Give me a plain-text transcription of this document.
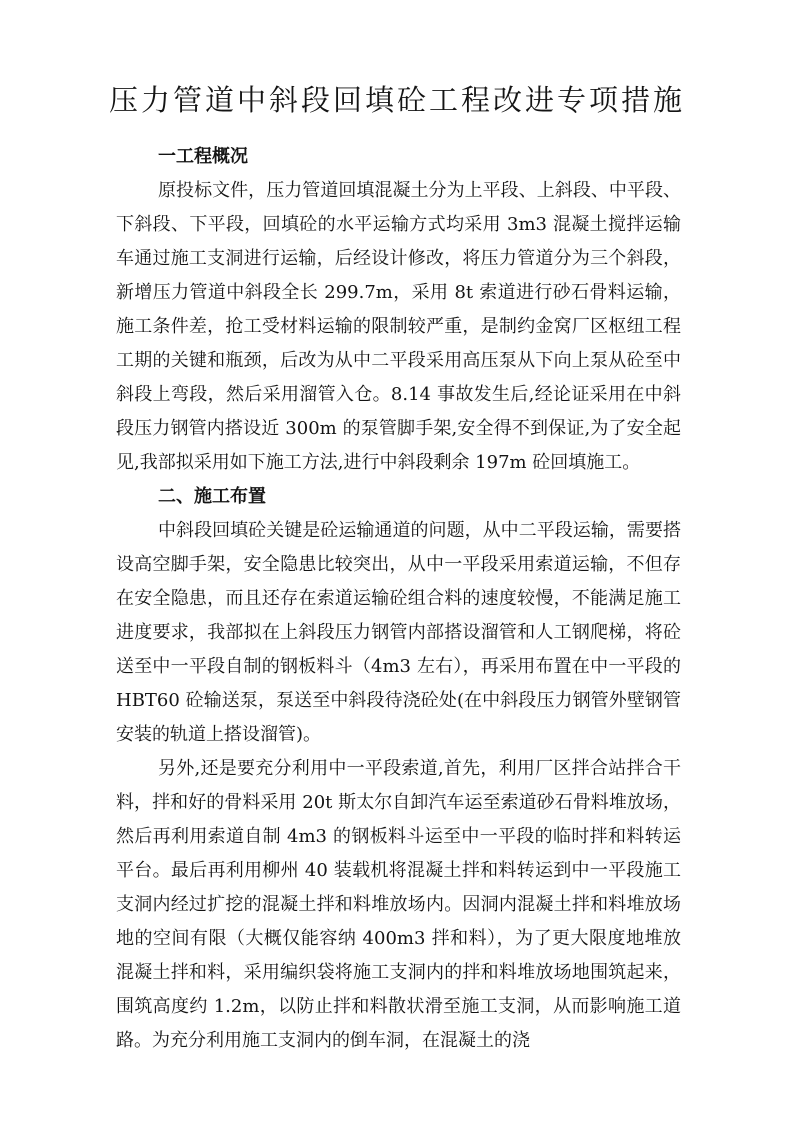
压力管道中斜段回填砼工程改进专项措施

一工程概况

原投标文件，压力管道回填混凝土分为上平段、上斜段、中平段、下斜段、下平段，回填砼的水平运输方式均采用 3m3 混凝土搅拌运输车通过施工支洞进行运输，后经设计修改，将压力管道分为三个斜段，新增压力管道中斜段全长 299.7m，采用 8t 索道进行砂石骨料运输，施工条件差，抢工受材料运输的限制较严重，是制约金窝厂区枢纽工程工期的关键和瓶颈，后改为从中二平段采用高压泵从下向上泵从砼至中斜段上弯段，然后采用溜管入仓。8.14 事故发生后,经论证采用在中斜段压力钢管内搭设近 300m 的泵管脚手架,安全得不到保证,为了安全起见,我部拟采用如下施工方法,进行中斜段剩余 197m 砼回填施工。

二、施工布置

中斜段回填砼关键是砼运输通道的问题，从中二平段运输，需要搭设高空脚手架，安全隐患比较突出，从中一平段采用索道运输，不但存在安全隐患，而且还存在索道运输砼组合料的速度较慢，不能满足施工进度要求，我部拟在上斜段压力钢管内部搭设溜管和人工钢爬梯，将砼送至中一平段自制的钢板料斗（4m3 左右），再采用布置在中一平段的 HBT60 砼输送泵，泵送至中斜段待浇砼处(在中斜段压力钢管外壁钢管安装的轨道上搭设溜管)。

另外,还是要充分利用中一平段索道,首先，利用厂区拌合站拌合干料，拌和好的骨料采用 20t 斯太尔自卸汽车运至索道砂石骨料堆放场，然后再利用索道自制 4m3 的钢板料斗运至中一平段的临时拌和料转运平台。最后再利用柳州 40 装载机将混凝土拌和料转运到中一平段施工支洞内经过扩挖的混凝土拌和料堆放场内。因洞内混凝土拌和料堆放场地的空间有限（大概仅能容纳 400m3 拌和料），为了更大限度地堆放混凝土拌和料，采用编织袋将施工支洞内的拌和料堆放场地围筑起来，围筑高度约 1.2m，以防止拌和料散状滑至施工支洞，从而影响施工道路。为充分利用施工支洞内的倒车洞，在混凝土的浇
